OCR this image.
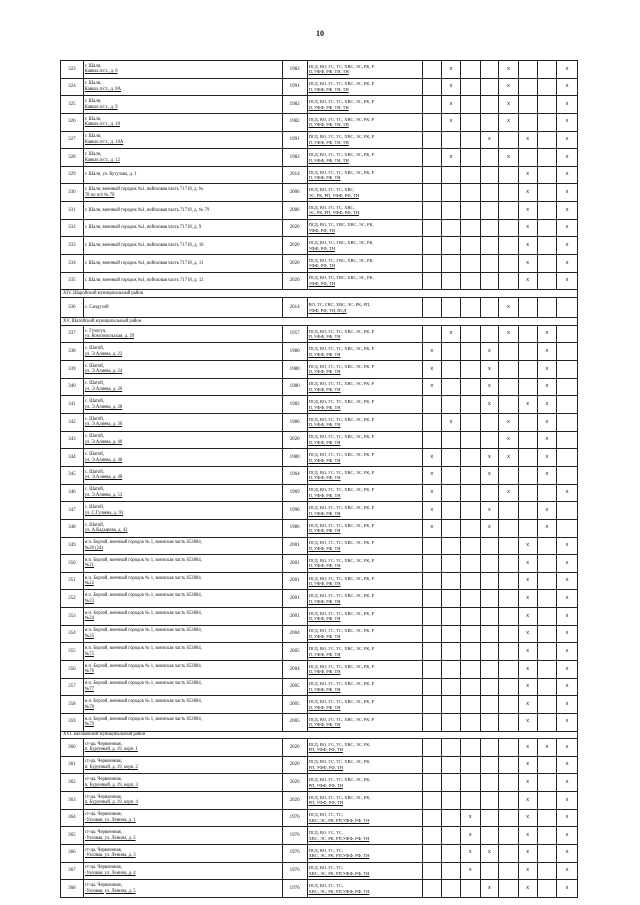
10
323	г. Шали,
Кавказ.п/ст., д. 8	1982	ПСД, ВО, ГС, ТС, ХВС, ЭС, РК, Р
П, УФФ, РФ, ТН, ТН		x			x			x
324	г. Шали,
Кавказ.п/ст., д. 8А	1991	ПСД, ВО, ГС, ТС, ХВС, ЭС, РК, Р
П, УФФ, РФ, ТН, ТН		x			x			x
325	г. Шали,
Кавказ.п/ст., д. 9	1982	ПСД, ВО, ГС, ТС, ХВС, ЭС, РК, Р
П, УФФ, РФ, ТН, ТН		x			x			x
326	г. Шали,
Кавказ.п/ст., д. 10	1982	ПСД, ВО, ГС, ТС, ХВС, ЭС, РК, Р
П, УФФ, РФ, ТН, ТН		x			x			x
327	г. Шали,
Кавказ.п/ст., д. 10А	1991	ПСД, ВО, ГС, ТС, ХВС, ЭС, РК, Р
П, УФФ, РФ, ТН, ТН				x		x		x
328	г. Шали,
Кавказ.п/ст., д. 12	1982	ПСД, ВО, ГС, ТС, ХВС, ЭС, РК, Р
П, УФФ, РФ, ТН, ТН		x			x			x
329	г. Шали, ул. Кутузова, д. 1	2014	ПСД, ВО, ГС, ТС, ХВС, ЭС, РК, Р
П, УФФ, РФ, ТН						x		x
330	г. Шали, военный городок №1, войсковая часть 71718, д. №
78 по п/п № 78	2006	ПСД, ВО, ГС, ТС, ХВС,
ЭС, РК, РП, УФФ, РФ, ТН						x		x
331	г. Шали, военный городок №1, войсковая часть 71718, д. № 79	2006	ПСД, ВО, ГС, ТС, ХВС,
ЭС, РК, РП, УФФ, РФ, ТН						x		x
332	г. Шали, военный городок №1, войсковая часть 71718, д. 9	2020	ПСД, ВО, ТС, ГВС, ХВС, ЭС, РК,
УФФ, РФ, ТН						x		x
333	г. Шали, военный городок №1, войсковая часть 71718, д. 10	2020	ПСД, ВО, ТС, ГВС, ХВС, ЭС, РК,
УФФ, РФ, ТН						x		x
334	г. Шали, военный городок №1, войсковая часть 71718, д. 11	2020	ПСД, ВО, ТС, ГВС, ХВС, ЭС, РК,
УФФ, РФ, ТН						x		x
335	г. Шали, военный городок №1, войсковая часть 71718, д. 12	2020	ПСД, ВО, ТС, ГВС, ХВС, ЭС, РК,
УФФ, РФ, ТН						x		x
XIV. Шаройский муниципальный район											
336	с. Сандухой	2014	ВО, ТС, ГВС, ХВС, ЭС, РК, РП,
УФФ, РФ, ТН, ПСД					x			
XV. Шатойский муниципальный район											
337	с. Гучегуч,
ул. Комсомольская, д. 29	1957	ПСД, ВО, ГС, ТС, ХВС, ЭС, РК, Р
П, УФФ, РФ, ТН		x			x		x	
338	с. Шатой,
ул. Э.Алиева, д. 22	1980	ПСД, ВО, ГС, ТС, ХВС, ЭС, РК, Р
П, УФФ, РФ, ТН	x			x			x	
339	с. Шатой,
ул. Э.Алиева, д. 24	1980	ПСД, ВО, ГС, ТС, ХВС, ЭС, РК, Р
П, УФФ, РФ, ТН	x			x			x	
340	с. Шатой,
ул. Э.Алиева, д. 26	1980	ПСД, ВО, ГС, ТС, ХВС, ЭС, РК, Р
П, УФФ, РФ, ТН	x			x			x	
341	с. Шатой,
ул. Э.Алиева, д. 28	1982	ПСД, ВО, ГС, ТС, ХВС, ЭС, РК, Р
П, УФФ, РФ, ТН				x		x	x	
342	с. Шатой,
ул. Э.Алиева, д. 30	1980	ПСД, ВО, ГС, ТС, ХВС, ЭС, РК, Р
П, УФФ, РФ, ТН		x			x		x	
343	с. Шатой,
ул. Э.Алиева, д. 40	2020	ПСД, ВО, ГС, ТС, ХВС, ЭС, РК, Р
П, УФФ, РФ, ТН					x		x	
344	с. Шатой,
ул. Э.Алиева, д. 46	1980	ПСД, ВО, ГС, ТС, ХВС, ЭС, РК, Р
П, УФФ, РФ, ТН	x			x	x		x	
345	с. Шатой,
ул. Э.Алиева, д. 48	1964	ПСД, ВО, ГС, ТС, ХВС, ЭС, РК, Р
П, УФФ, РФ, ТН	x			x			x	
346	с. Шатой,
ул. Э.Алиева, д. 53	1969	ПСД, ВО, ГС, ТС, ХВС, ЭС, РК, Р
П, УФФ, РФ, ТН	x				x			x
347	с. Шатой,
ул. С.Гуляева, д. 93	1990	ПСД, ВО, ГС, ТС, ХВС, ЭС, РК, Р
П, УФФ, РФ, ТН	x			x			x	
348	с. Шатой,
ул. А.Кадырова, д. 42	1986	ПСД, ВО, ГС, ТС, ХВС, ЭС, РК, Р
П, УФФ, РФ, ТН	x			x			x	
349	н.п. Борзой, военный городок № 1, воинская часть 653884,
№26 (24)	2001	ПСД, ВО, ГС, ТС, ХВС, ЭС, РК, Р
П, УФФ, РФ, ТН						x		x
350	н.п. Борзой, военный городок № 1, воинская часть 653884,
№21	2001	ПСД, ВО, ГС, ТС, ХВС, ЭС, РК, Р
П, УФФ, РФ, ТН						x		x
351	н.п. Борзой, военный городок № 1, воинская часть 653884,
№22	2001	ПСД, ВО, ГС, ТС, ХВС, ЭС, РК, Р
П, УФФ, РФ, ТН						x		x
352	н.п. Борзой, военный городок № 1, воинская часть 653884,
№23	2001	ПСД, ВО, ГС, ТС, ХВС, ЭС, РК, Р
П, УФФ, РФ, ТН						x		x
353	н.п. Борзой, военный городок № 1, воинская часть 653884,
№24	2001	ПСД, ВО, ГС, ТС, ХВС, ЭС, РК, Р
П, УФФ, РФ, ТН						x		x
354	н.п. Борзой, военный городок № 1, воинская часть 653884,
№25	2004	ПСД, ВО, ГС, ТС, ХВС, ЭС, РК, Р
П, УФФ, РФ, ТН						x		x
355	н.п. Борзой, военный городок № 1, воинская часть 653884,
№75	2005	ПСД, ВО, ГС, ТС, ХВС, ЭС, РК, Р
П, УФФ, РФ, ТН						x		x
356	н.п. Борзой, военный городок № 1, воинская часть 653884,
№76	2004	ПСД, ВО, ГС, ТС, ХВС, ЭС, РК, Р
П, УФФ, РФ, ТН						x		x
357	н.п. Борзой, военный городок № 1, воинская часть 653884,
№77	2005	ПСД, ВО, ГС, ТС, ХВС, ЭС, РК, Р
П, УФФ, РФ, ТН						x		x
358	н.п. Борзой, военный городок № 1, воинская часть 653884,
№78	2005	ПСД, ВО, ГС, ТС, ХВС, ЭС, РК, Р
П, УФФ, РФ, ТН						x		x
359	н.п. Борзой, военный городок № 1, воинская часть 653884,
№79	2005	ПСД, ВО, ГС, ТС, ХВС, ЭС, РК, Р
П, УФФ, РФ, ТН						x		x
XVI. Шелковской муниципальный район											
360	ст-ца. Червленная,
п. Бурунный, д. 19, корп. 1	2020	ПСД, ВО, ГС, ТС, ХВС, ЭС, РК,
РП, УФФ, РФ, ТН						x	x	x
361	ст-ца. Червленная,
п. Бурунный, д. 19, корп. 2	2020	ПСД, ВО, ГС, ТС, ХВС, ЭС, РК,
РП, УФФ, РФ, ТН						x		x
362	ст-ца. Червленная,
п. Бурунный, д. 19, корп. 3	2020	ПСД, ВО, ГС, ТС, ХВС, ЭС, РК,
РП, УФФ, РФ, ТН						x		x
363	ст-ца. Червленная,
п. Бурунный, д. 19, корп. 4	2020	ПСД, ВО, ГС, ТС, ХВС, ЭС, РК,
РП, УФФ, РФ, ТН						x		x
364	ст-ца. Червленная,
-Узловая, ул. Ленина, д. 1	1976	ПСД, ВО, ГС, ТС,
ХВС, ЭС, РК, РП,УФФ, РФ, ТН			x			x		x
365	ст-ца. Червленная,
-Узловая, ул. Ленина, д. 2	1976	ПСД, ВО, ГС, ТС,
ХВС, ЭС, РК, РП,УФФ, РФ, ТН			x			x		x
366	ст-ца. Червленная,
-Узловая, ул. Ленина, д. 3	1976	ПСД, ВО, ГС, ТС,
ХВС, ЭС, РК, РП,УФФ, РФ, ТН			x	x		x		x
367	ст-ца. Червленная,
-Узловая, ул. Ленина, д. 4	1976	ПСД, ВО, ГС, ТС,
ХВС, ЭС, РК, РП,УФФ, РФ, ТН			x			x		x
368	ст-ца. Червленная,
-Узловая, ул. Ленина, д. 5	1976	ПСД, ВО, ГС, ТС,
ХВС, ЭС, РК, РП,УФФ, РФ, ТН				x		x		x
